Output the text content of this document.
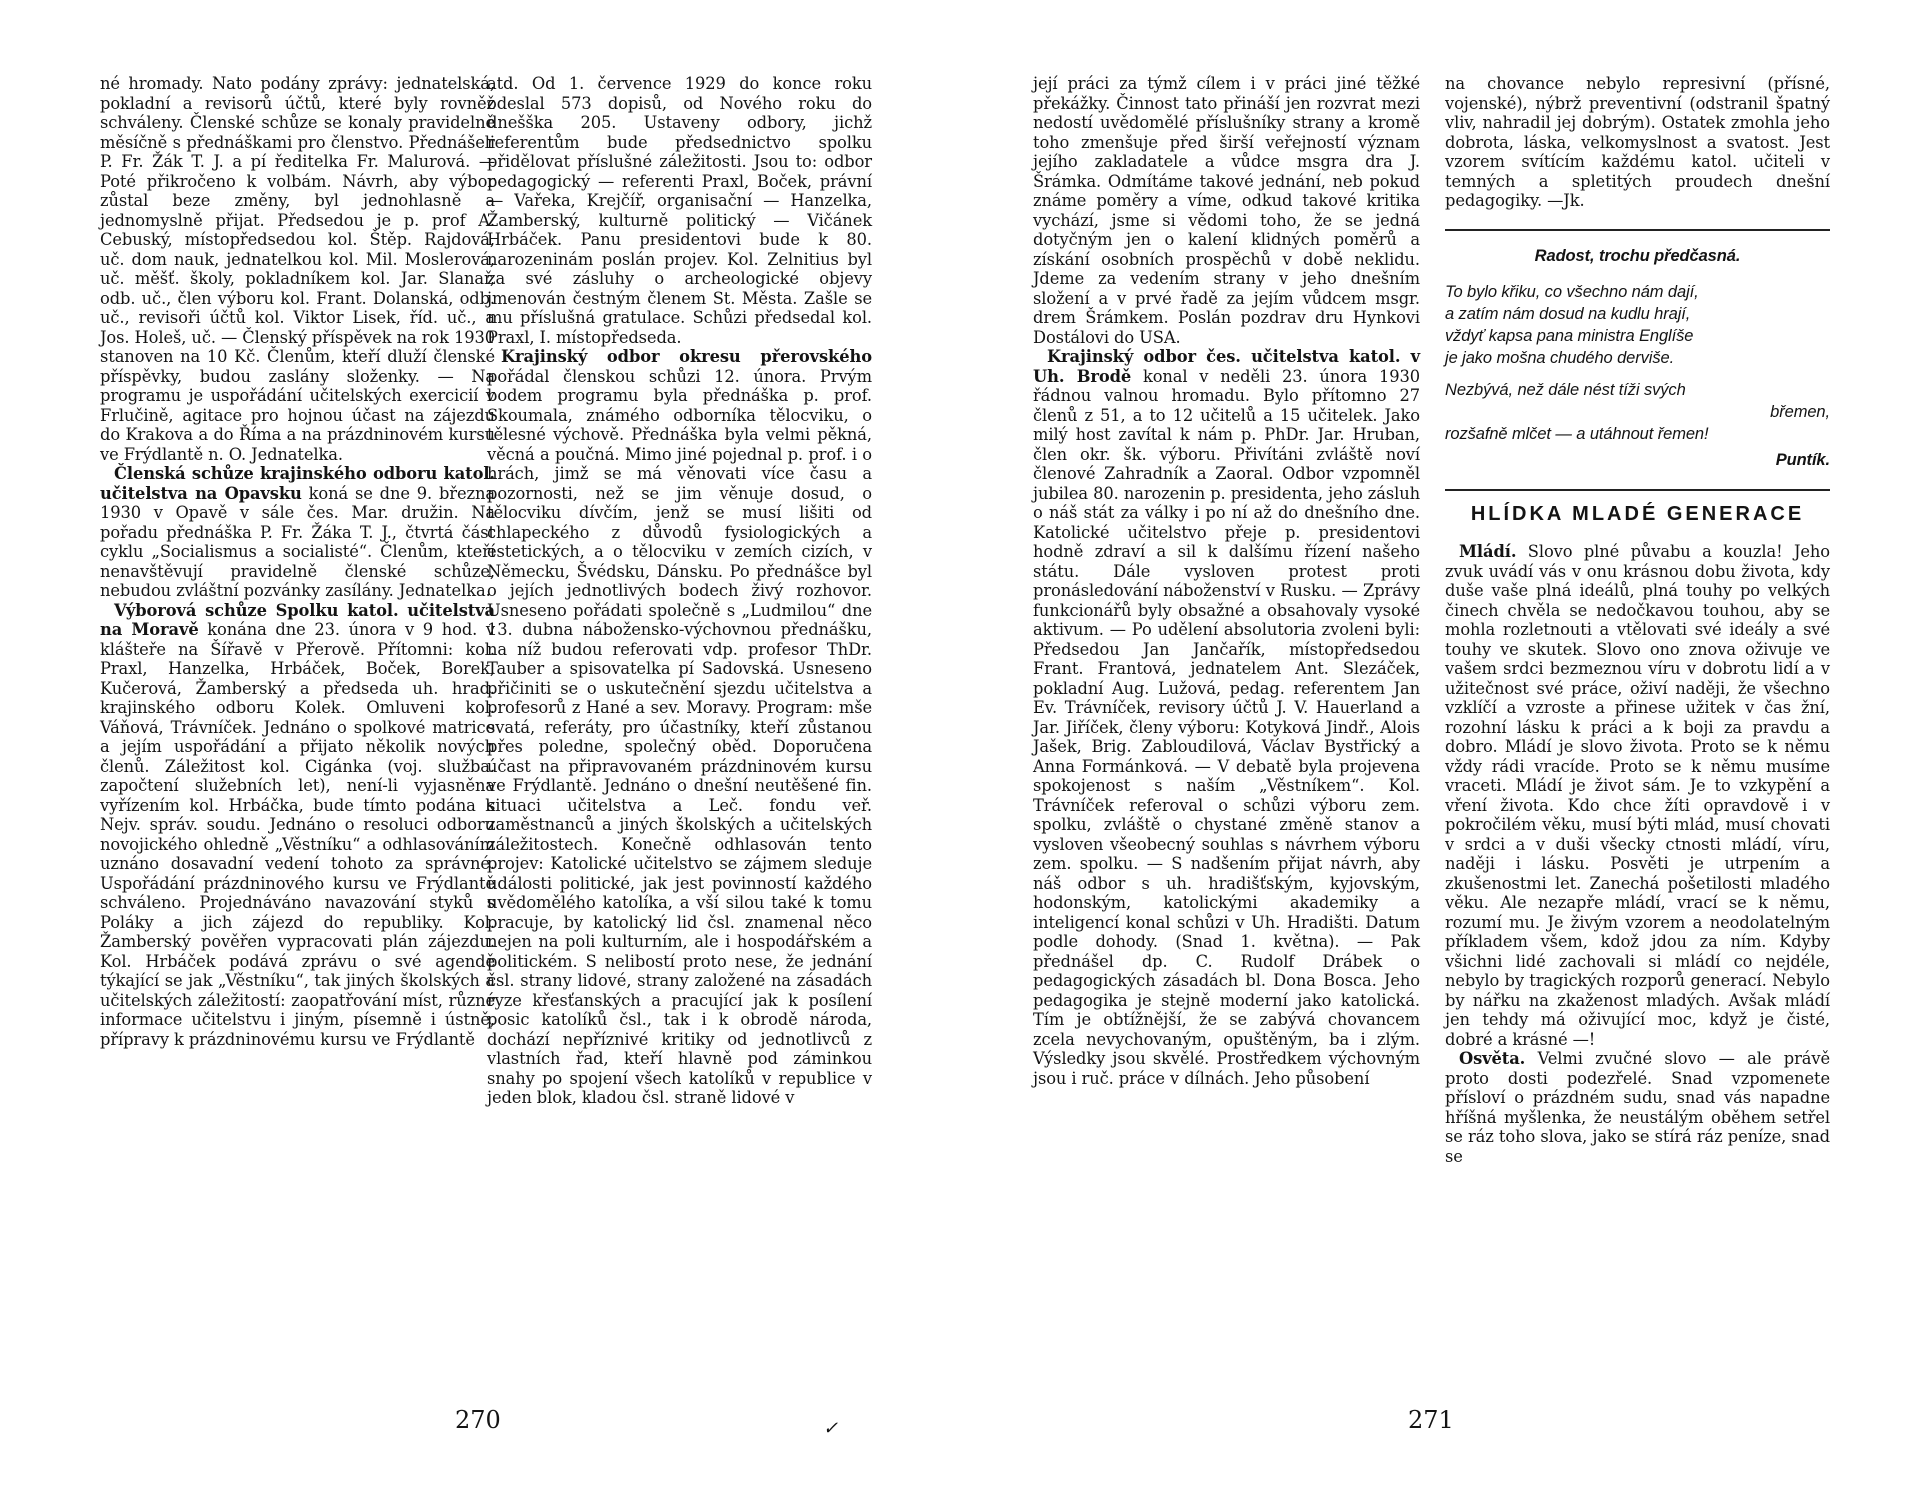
né hromady. Nato podány zprávy: jednatelská, pokladní a revisorů účtů, které byly rovněž schváleny. Členské schůze se konaly pravidelně měsíčně s přednáškami pro členstvo. Přednášeli P. Fr. Žák T. J. a pí ředitelka Fr. Malurová. — Poté přikročeno k volbám. Návrh, aby výbor zůstal beze změny, byl jednohlasně a jednomyslně přijat. Předsedou je p. prof A. Cebuský, místopředsedou kol. Štěp. Rajdová, uč. dom nauk, jednatelkou kol. Mil. Moslerová, uč. měšť. školy, pokladníkem kol. Jar. Slanař, odb. uč., člen výboru kol. Frant. Dolanská, odb. uč., revisoři účtů kol. Viktor Lisek, říd. uč., a Jos. Holeš, uč. — Členský příspěvek na rok 1930 stanoven na 10 Kč. Členům, kteří dluží členské příspěvky, budou zaslány složenky. — Na programu je uspořádání učitelských exercicií v Frlučině, agitace pro hojnou účast na zájezdu do Krakova a do Říma a na prázdninovém kursu ve Frýdlantě n. O. Jednatelka.

Členská schůze krajinského odboru katol. učitelstva na Opavsku koná se dne 9. března 1930 v Opavě v sále čes. Mar. družin. Na pořadu přednáška P. Fr. Žáka T. J., čtvrtá část cyklu „Socialismus a socialisté“. Členům, kteří nenavštěvují pravidelně členské schůze, nebudou zvláštní pozvánky zasílány. Jednatelka.

Výborová schůze Spolku katol. učitelstva na Moravě konána dne 23. února v 9 hod. v klášteře na Šířavě v Přerově. Přítomni: kol. Praxl, Hanzelka, Hrbáček, Boček, Borek, Kučerová, Žamberský a předseda uh. hrad. krajinského odboru Kolek. Omluveni kol. Váňová, Trávníček. Jednáno o spolkové matrice a jejím uspořádání a přijato několik nových členů. Záležitost kol. Cigánka (voj. služba. započtení služebních let), není-li vyjasněna vyřízením kol. Hrbáčka, bude tímto podána k Nejv. správ. soudu. Jednáno o resoluci odboru novojického ohledně „Věstníku“ a odhlasováním uznáno dosavadní vedení tohoto za správné. Uspořádání prázdninového kursu ve Frýdlantě schváleno. Projednáváno navazování styků s Poláky a jich zájezd do republiky. Kol. Žamberský pověřen vypracovati plán zájezdu. Kol. Hrbáček podává zprávu o své agendě týkající se jak „Věstníku“, tak jiných školských a učitelských záležitostí: zaopatřování míst, různé informace učitelstvu i jiným, písemně i ústně, přípravy k prázdninovému kursu ve Frýdlantě

atd. Od 1. července 1929 do konce roku odeslal 573 dopisů, od Nového roku do dnešška 205. Ustaveny odbory, jichž referentům bude předsednictvo spolku přidělovat příslušné záležitosti. Jsou to: odbor pedagogický — referenti Praxl, Boček, právní — Vařeka, Krejčíř, organisační — Hanzelka, Žamberský, kulturně politický — Vičánek Hrbáček. Panu presidentovi bude k 80. narozeninám poslán projev. Kol. Zelnitius byl za své zásluhy o archeologické objevy jmenován čestným členem St. Města. Zašle se mu příslušná gratulace. Schůzi předsedal kol. Praxl, I. místopředseda.

Krajinský odbor okresu přerovského pořádal členskou schůzi 12. února. Prvým bodem programu byla přednáška p. prof. Skoumala, známého odborníka tělocviku, o tělesné výchově. Přednáška byla velmi pěkná, věcná a poučná. Mimo jiné pojednal p. prof. i o hrách, jimž se má věnovati více času a pozornosti, než se jim věnuje dosud, o tělocviku dívčím, jenž se musí lišiti od chlapeckého z důvodů fysiologických a estetických, a o tělocviku v zemích cizích, v Německu, Švédsku, Dánsku. Po přednášce byl o jejích jednotlivých bodech živý rozhovor. Usneseno pořádati společně s „Ludmilou“ dne 13. dubna nábožensko-výchovnou přednášku, na níž budou referovati vdp. profesor ThDr. Tauber a spisovatelka pí Sadovská. Usneseno přičiniti se o uskutečnění sjezdu učitelstva a profesorů z Hané a sev. Moravy. Program: mše svatá, referáty, pro účastníky, kteří zůstanou přes poledne, společný oběd. Doporučena účast na připravovaném prázdninovém kursu ve Frýdlantě. Jednáno o dnešní neutěšené fin. situaci učitelstva a Leč. fondu veř. zaměstnanců a jiných školských a učitelských záležitostech. Konečně odhlasován tento projev: Katolické učitelstvo se zájmem sleduje události politické, jak jest povinností každého uvědomělého katolíka, a vší silou také k tomu pracuje, by katolický lid čsl. znamenal něco nejen na poli kulturním, ale i hospodářském a politickém. S nelibostí proto nese, že jednání čsl. strany lidové, strany založené na zásadách ryze křesťanských a pracující jak k posílení posic katolíků čsl., tak i k obrodě národa, dochází nepříznivé kritiky od jednotlivců z vlastních řad, kteří hlavně pod záminkou snahy po spojení všech katolíků v republice v jeden blok, kladou čsl. straně lidové v

270	✓

její práci za týmž cílem i v práci jiné těžké překážky. Činnost tato přináší jen rozvrat mezi nedostí uvědomělé příslušníky strany a kromě toho zmenšuje před širší veřejností význam jejího zakladatele a vůdce msgra dra J. Šrámka. Odmítáme takové jednání, neb pokud známe poměry a víme, odkud takové kritika vychází, jsme si vědomi toho, že se jedná dotyčným jen o kalení klidných poměrů a získání osobních prospěchů v době neklidu. Jdeme za vedením strany v jeho dnešním složení a v prvé řadě za jejím vůdcem msgr. drem Šrámkem. Poslán pozdrav dru Hynkovi Dostálovi do USA.

Krajinský odbor čes. učitelstva katol. v Uh. Brodě konal v neděli 23. února 1930 řádnou valnou hromadu. Bylo přítomno 27 členů z 51, a to 12 učitelů a 15 učitelek. Jako milý host zavítal k nám p. PhDr. Jar. Hruban, člen okr. šk. výboru. Přivítáni zvláště noví členové Zahradník a Zaoral. Odbor vzpomněl jubilea 80. narozenin p. presidenta, jeho zásluh o náš stát za války i po ní až do dnešního dne. Katolické učitelstvo přeje p. presidentovi hodně zdraví a sil k dalšímu řízení našeho státu. Dále vysloven protest proti pronásledování náboženství v Rusku. — Zprávy funkcionářů byly obsažné a obsahovaly vysoké aktivum. — Po udělení absolutoria zvoleni byli: Předsedou Jan Jančařík, místopředsedou Frant. Frantová, jednatelem Ant. Slezáček, pokladní Aug. Lužová, pedag. referentem Jan Ev. Trávníček, revisory účtů J. V. Hauerland a Jar. Jiříček, členy výboru: Kotyková Jindř., Alois Jašek, Brig. Zabloudilová, Václav Bystřický a Anna Formánková. — V debatě byla projevena spokojenost s naším „Věstníkem“. Kol. Trávníček referoval o schůzi výboru zem. spolku, zvláště o chystané změně stanov a vysloven všeobecný souhlas s návrhem výboru zem. spolku. — S nadšením přijat návrh, aby náš odbor s uh. hradišťským, kyjovským, hodonským, katolickými akademiky a inteligencí konal schůzi v Uh. Hradišti. Datum podle dohody. (Snad 1. května). — Pak přednášel dp. C. Rudolf Drábek o pedagogických zásadách bl. Dona Bosca. Jeho pedagogika je stejně moderní jako katolická. Tím je obtížnější, že se zabývá chovancem zcela nevychovaným, opuštěným, ba i zlým. Výsledky jsou skvělé. Prostředkem výchovným jsou i ruč. práce v dílnách. Jeho působení

na chovance nebylo represivní (přísné, vojenské), nýbrž preventivní (odstranil špatný vliv, nahradil jej dobrým). Ostatek zmohla jeho dobrota, láska, velkomyslnost a svatost. Jest vzorem svítícím každému katol. učiteli v temných a spletitých proudech dnešní pedagogiky. —Jk.

Radost, trochu předčasná.
To bylo křiku, co všechno nám dají,
a zatím nám dosud na kudlu hrají,
vždyť kapsa pana ministra Englíše
je jako mošna chudého derviše.
Nezbývá, než dále nést tíži svých
břemen,
rozšafně mlčet — a utáhnout řemen!
Puntík.
HLÍDKA MLADÉ GENERACE

Mládí. Slovo plné půvabu a kouzla! Jeho zvuk uvádí vás v onu krásnou dobu života, kdy duše vaše plná ideálů, plná touhy po velkých činech chvěla se nedočkavou touhou, aby se mohla rozletnouti a vtělovati své ideály a své touhy ve skutek. Slovo ono znova oživuje ve vašem srdci bezmeznou víru v dobrotu lidí a v užitečnost své práce, oživí naději, že všechno vzklíčí a vzroste a přinese užitek v čas žní, rozohní lásku k práci a k boji za pravdu a dobro. Mládí je slovo života. Proto se k němu vždy rádi vracíde. Proto se k němu musíme vraceti. Mládí je život sám. Je to vzkypění a vření života. Kdo chce žíti opravdově i v pokročilém věku, musí býti mlád, musí chovati v srdci a v duši všecky ctnosti mládí, víru, naději i lásku. Posvěti je utrpením a zkušenostmi let. Zanechá pošetilosti mladého věku. Ale nezapře mládí, vrací se k němu, rozumí mu. Je živým vzorem a neodolatelným příkladem všem, kdož jdou za ním. Kdyby všichni lidé zachovali si mládí co nejdéle, nebylo by tragických rozporů generací. Nebylo by nářku na zkaženost mladých. Avšak mládí jen tehdy má oživující moc, když je čisté, dobré a krásné —!

Osvěta. Velmi zvučné slovo — ale právě proto dosti podezřelé. Snad vzpomenete přísloví o prázdném sudu, snad vás napadne hříšná myšlenka, že neustálým oběhem setřel se ráz toho slova, jako se stírá ráz peníze, snad se

271
